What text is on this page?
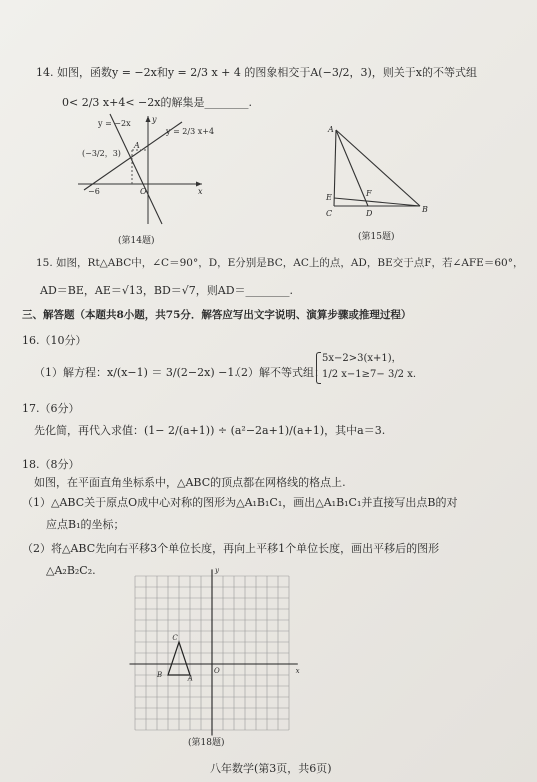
14. 如图，函数y = −2x和y = 2/3 x + 4 的图象相交于A(−3/2，3)，则关于x的不等式组
0< 2/3 x+4< −2x的解集是________.
y = −2x
y = 2/3 x+4
(−3/2，3)
A
−6	O	x
y
(第14题)
A
E	F
C	D	B
(第15题)
15. 如图，Rt△ABC中，∠C＝90°，D，E分别是BC，AC上的点，AD，BE交于点F，若∠AFE＝60°，
AD＝BE，AE＝√13，BD＝√7，则AD＝________.
三、解答题（本题共8小题，共75分．解答应写出文字说明、演算步骤或推理过程）
16.（10分）
（1）解方程：x/(x−1) ＝ 3/(2−2x) −1.
（2）解不等式组：
5x−2>3(x+1)，
1/2 x−1≥7− 3/2 x.
17.（6分）
先化简，再代入求值：(1− 2/(a+1)) ÷ (a²−2a+1)/(a+1)，其中a＝3.
18.（8分）
如图，在平面直角坐标系中，△ABC的顶点都在网格线的格点上.
（1）△ABC关于原点O成中心对称的图形为△A₁B₁C₁，画出△A₁B₁C₁并直接写出点B的对
应点B₁的坐标；
（2）将△ABC先向右平移3个单位长度，再向上平移1个单位长度，画出平移后的图形
△A₂B₂C₂.
C
B	A
O	x
y
(第18题)
八年数学(第3页，共6页)
